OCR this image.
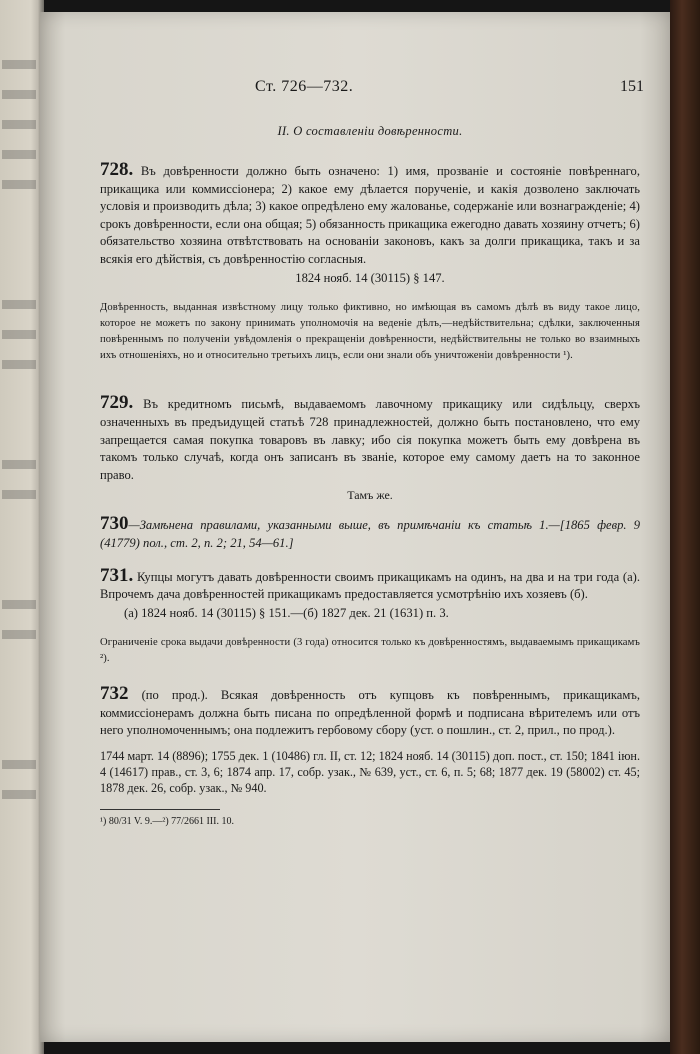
Ст. 726—732.	151
II. О составленіи довѣренности.

728. Въ довѣренности должно быть означено: 1) имя, прозваніе и состояніе повѣреннаго, прикащика или коммиссіонера; 2) какое ему дѣлается порученіе, и какія дозволено заключать условія и производить дѣла; 3) какое опредѣлено ему жалованье, содержаніе или вознагражденіе; 4) срокъ довѣренности, если она общая; 5) обязанность прикащика ежегодно давать хозяину отчетъ; 6) обязательство хозяина отвѣтствовать на основаніи законовъ, какъ за долги прикащика, такъ и за всякія его дѣйствія, съ довѣренностію согласныя.

1824 нояб. 14 (30115) § 147.

Довѣренность, выданная извѣстному лицу только фиктивно, но имѣющая въ самомъ дѣлѣ въ виду такое лицо, которое не можетъ по закону принимать уполномочія на веденіе дѣлъ,—недѣйствительна; сдѣлки, заключенныя повѣреннымъ по полученіи увѣдомленія о прекращеніи довѣренности, недѣйствительны не только во взаимныхъ ихъ отношеніяхъ, но и относительно третьихъ лицъ, если они знали объ уничтоженіи довѣренности ¹).

729. Въ кредитномъ письмѣ, выдаваемомъ лавочному прикащику или сидѣльцу, сверхъ означенныхъ въ предъидущей статьѣ 728 принадлежностей, должно быть постановлено, что ему запрещается самая покупка товаровъ въ лавку; ибо сія покупка можетъ быть ему довѣрена въ такомъ только случаѣ, когда онъ записанъ въ званіе, которое ему самому даетъ на то законное право.

Тамъ же.

730—Замѣнена правилами, указанными выше, въ примѣчаніи къ статьѣ 1.—[1865 февр. 9 (41779) пол., ст. 2, п. 2; 21, 54—61.]

731. Купцы могутъ давать довѣренности своимъ прикащикамъ на одинъ, на два и на три года (а). Впрочемъ дача довѣренностей прикащикамъ предоставляется усмотрѣнію ихъ хозяевъ (б).

(а) 1824 нояб. 14 (30115) § 151.—(б) 1827 дек. 21 (1631) п. 3.

Ограниченіе срока выдачи довѣренности (3 года) относится только къ довѣренностямъ, выдаваемымъ прикащикамъ ²).

732 (по прод.). Всякая довѣренность отъ купцовъ къ повѣреннымъ, прикащикамъ, коммиссіонерамъ должна быть писана по опредѣленной формѣ и подписана вѣрителемъ или отъ него уполномоченнымъ; она подлежитъ гербовому сбору (уст. о пошлин., ст. 2, прил., по прод.).

1744 март. 14 (8896); 1755 дек. 1 (10486) гл. II, ст. 12; 1824 нояб. 14 (30115) доп. пост., ст. 150; 1841 іюн. 4 (14617) прав., ст. 3, 6; 1874 апр. 17, собр. узак., № 639, уст., ст. 6, п. 5; 68; 1877 дек. 19 (58002) ст. 45; 1878 дек. 26, собр. узак., № 940.

¹) 80/31 V. 9.—²) 77/2661 III. 10.
